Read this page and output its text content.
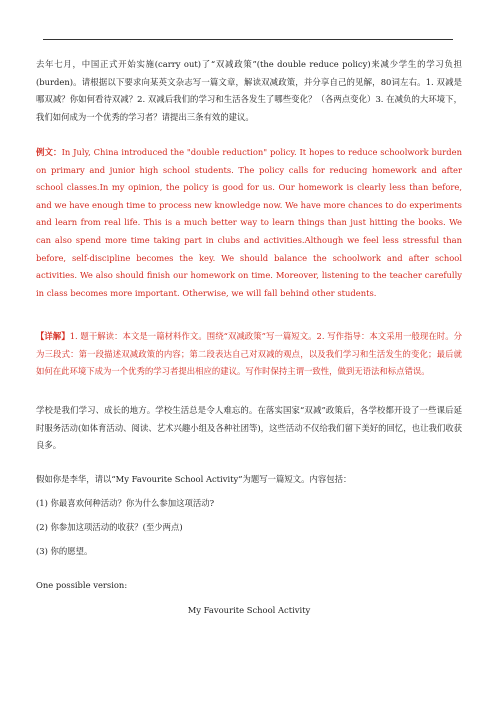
去年七月，中国正式开始实施(carry out)了“双减政策”(the double reduce policy)来减少学生的学习负担(burden)。请根据以下要求向某英文杂志写一篇文章，解读双减政策，并分享自己的见解，80词左右。1. 双减是哪双减？你如何看待双减？2. 双减后我们的学习和生活各发生了哪些变化？（各两点变化）3. 在减负的大环境下，我们如何成为一个优秀的学习者？请提出三条有效的建议。

例文：In July, China introduced the "double reduction" policy. It hopes to reduce schoolwork burden on primary and junior high school students. The policy calls for reducing homework and after school classes.In my opinion, the policy is good for us. Our homework is clearly less than before, and we have enough time to process new knowledge now. We have more chances to do experiments and learn from real life. This is a much better way to learn things than just hitting the books. We can also spend more time taking part in clubs and activities.Although we feel less stressful than before, self-discipline becomes the key. We should balance the schoolwork and after school activities. We also should finish our homework on time. Moreover, listening to the teacher carefully in class becomes more important. Otherwise, we will fall behind other students.

【详解】1. 题干解读：本文是一篇材料作文。围绕“双减政策”写一篇短文。2. 写作指导：本文采用一般现在时。分为三段式：第一段描述双减政策的内容；第二段表达自己对双减的观点，以及我们学习和生活发生的变化；最后就如何在此环境下成为一个优秀的学习者提出相应的建议。写作时保持主谓一致性，做到无语法和标点错误。

学校是我们学习、成长的地方。学校生活总是令人难忘的。在落实国家“双减”政策后，各学校都开设了一些课后延时服务活动(如体育活动、阅读、艺术兴趣小组及各种社团等)，这些活动不仅给我们留下美好的回忆，也让我们收获良多。

假如你是李华，请以“My Favourite School Activity”为题写一篇短文。内容包括：

(1) 你最喜欢何种活动？你为什么参加这项活动?

(2) 你参加这项活动的收获？(至少两点)

(3) 你的愿望。

One possible version:

My Favourite School Activity
